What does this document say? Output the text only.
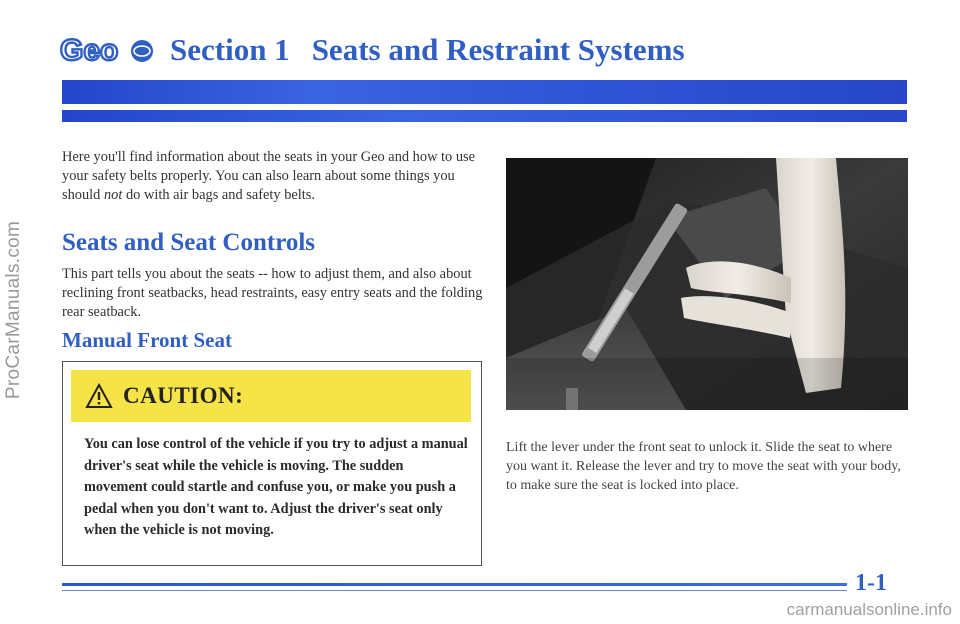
ProCarManuals.com
Geo Section 1 Seats and Restraint Systems
Here you'll find information about the seats in your Geo and how to use your safety belts properly. You can also learn about some things you should not do with air bags and safety belts.
Seats and Seat Controls
This part tells you about the seats -- how to adjust them, and also about reclining front seatbacks, head restraints, easy entry seats and the folding rear seatback.
Manual Front Seat
CAUTION:
You can lose control of the vehicle if you try to adjust a manual driver's seat while the vehicle is moving. The sudden movement could startle and confuse you, or make you push a pedal when you don't want to. Adjust the driver's seat only when the vehicle is not moving.
Lift the lever under the front seat to unlock it. Slide the seat to where you want it. Release the lever and try to move the seat with your body, to make sure the seat is locked into place.
1-1
carmanualsonline.info
